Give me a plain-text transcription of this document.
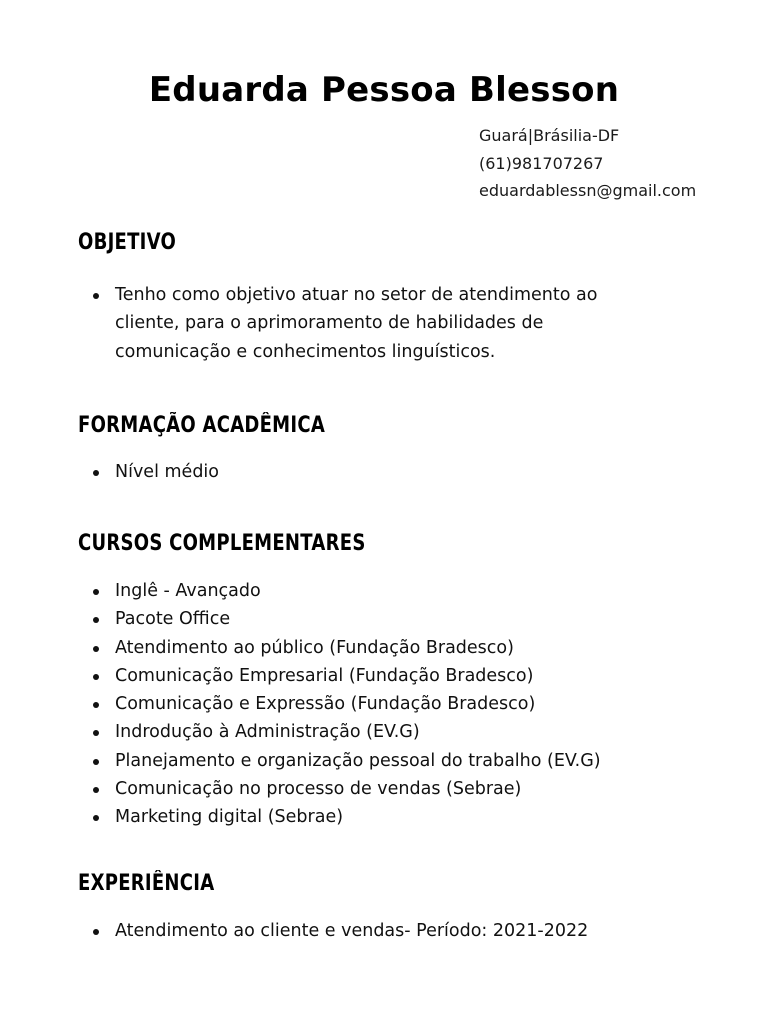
Eduarda Pessoa Blesson
Guará|Brásilia-DF
(61)981707267
eduardablessn@gmail.com
OBJETIVO
Tenho como objetivo atuar no setor de atendimento ao cliente, para o aprimoramento de habilidades de comunicação e conhecimentos linguísticos.
FORMAÇÃO ACADÊMICA
Nível médio
CURSOS COMPLEMENTARES
Inglê - Avançado
Pacote Office
Atendimento ao público (Fundação Bradesco)
Comunicação Empresarial (Fundação Bradesco)
Comunicação e Expressão (Fundação Bradesco)
Indrodução à Administração (EV.G)
Planejamento e organização pessoal do trabalho (EV.G)
Comunicação no processo de vendas (Sebrae)
Marketing digital (Sebrae)
EXPERIÊNCIA
Atendimento ao cliente e vendas- Período: 2021-2022
